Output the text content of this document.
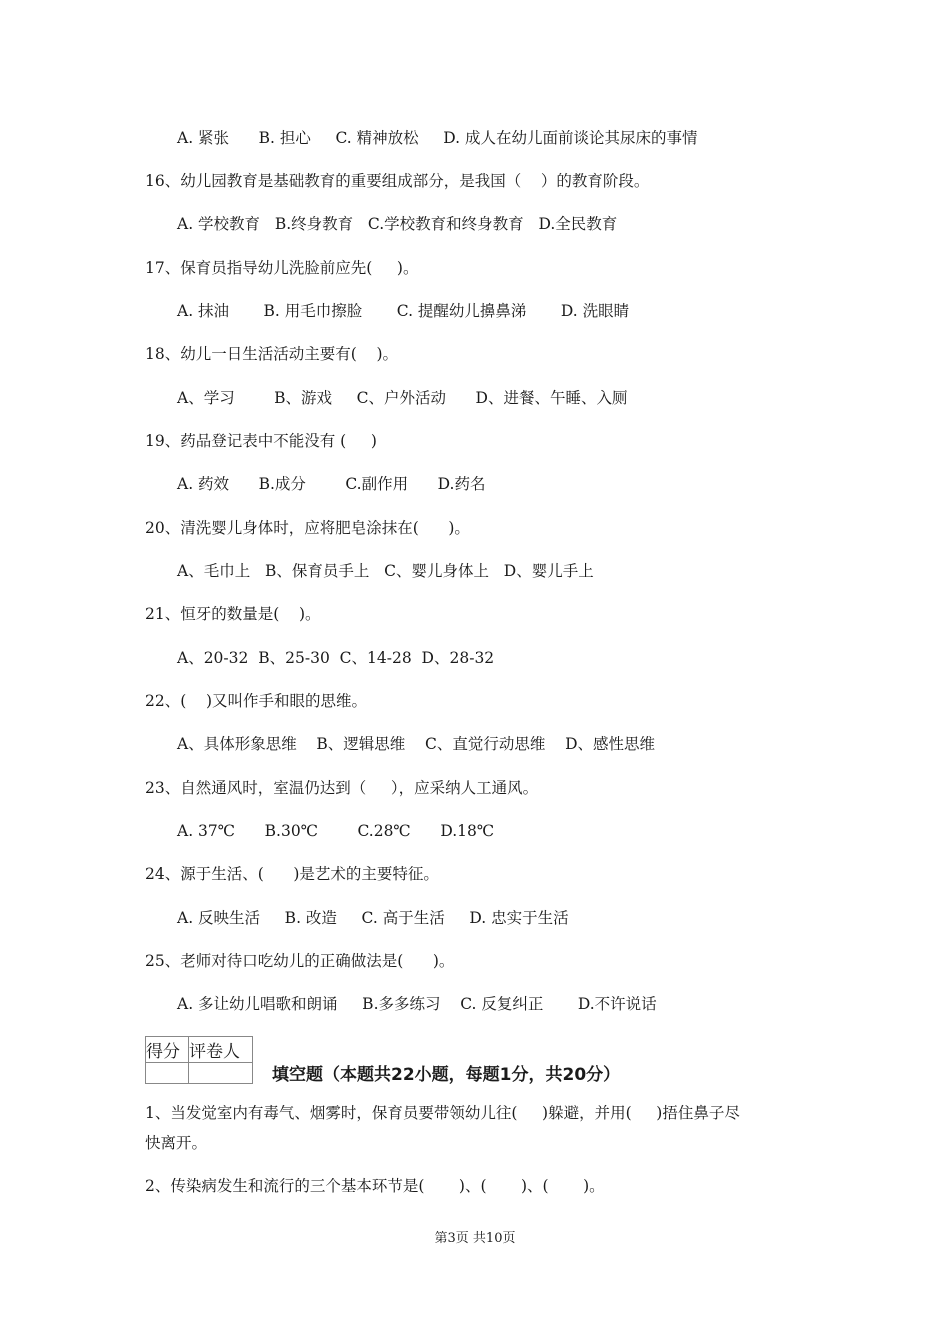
A. 紧张      B. 担心     C. 精神放松     D. 成人在幼儿面前谈论其尿床的事情
16、幼儿园教育是基础教育的重要组成部分，是我国（    ）的教育阶段。
A. 学校教育   B.终身教育   C.学校教育和终身教育   D.全民教育
17、保育员指导幼儿洗脸前应先(     )。
A. 抹油       B. 用毛巾擦脸       C. 提醒幼儿擤鼻涕       D. 洗眼睛
18、幼儿一日生活活动主要有(    )。
A、学习        B、游戏     C、户外活动      D、进餐、午睡、入厕
19、药品登记表中不能没有 (     )
A. 药效      B.成分        C.副作用      D.药名
20、清洗婴儿身体时，应将肥皂涂抹在(      )。
A、毛巾上   B、保育员手上   C、婴儿身体上   D、婴儿手上
21、恒牙的数量是(    )。
A、20-32  B、25-30  C、14-28  D、28-32
22、(    )又叫作手和眼的思维。
A、具体形象思维    B、逻辑思维    C、直觉行动思维    D、感性思维
23、自然通风时，室温仍达到（     ），应采纳人工通风。
A. 37℃      B.30℃        C.28℃      D.18℃
24、源于生活、(      )是艺术的主要特征。
A. 反映生活     B. 改造     C. 高于生活     D. 忠实于生活
25、老师对待口吃幼儿的正确做法是(      )。
A. 多让幼儿唱歌和朗诵     B.多多练习    C. 反复纠正       D.不许说话
1、当发觉室内有毒气、烟雾时，保育员要带领幼儿往(     )躲避，并用(     )捂住鼻子尽
快离开。
2、传染病发生和流行的三个基本环节是(       )、(       )、(       )。
得分	评卷人

填空题（本题共22小题，每题1分，共20分）
第3页 共10页
